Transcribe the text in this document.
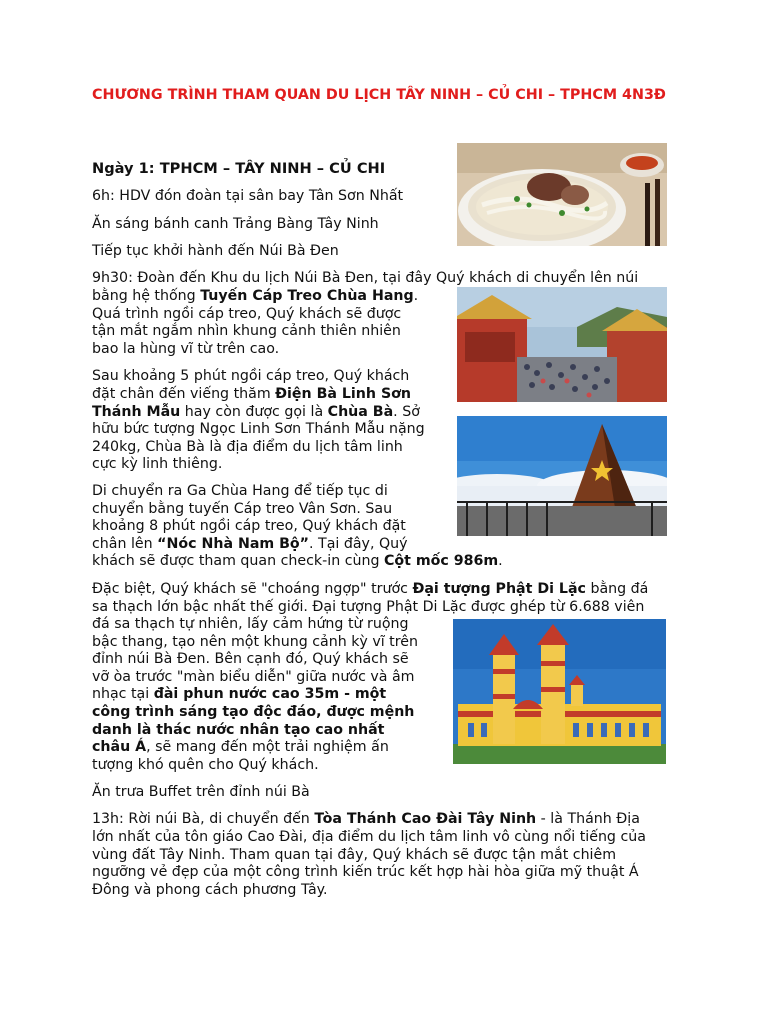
CHƯƠNG TRÌNH THAM QUAN DU LỊCH TÂY NINH – CỦ CHI – TPHCM 4N3Đ
Ngày 1: TPHCM – TÂY NINH – CỦ CHI
6h: HDV đón đoàn tại sân bay Tân Sơn Nhất
Ăn sáng bánh canh Trảng Bàng Tây Ninh
Tiếp tục khởi hành đến Núi Bà Đen
9h30: Đoàn đến Khu du lịch Núi Bà Đen, tại đây Quý khách di chuyển lên núi
bằng hệ thống Tuyến Cáp Treo Chùa Hang.
Quá trình ngồi cáp treo, Quý khách sẽ được
tận mắt ngắm nhìn khung cảnh thiên nhiên
bao la hùng vĩ từ trên cao.
Sau khoảng 5 phút ngồi cáp treo, Quý khách
đặt chân đến viếng thăm Điện Bà Linh Sơn
Thánh Mẫu hay còn được gọi là Chùa Bà. Sở
hữu bức tượng Ngọc Linh Sơn Thánh Mẫu nặng
240kg, Chùa Bà là địa điểm du lịch tâm linh
cực kỳ linh thiêng.
Di chuyển ra Ga Chùa Hang để tiếp tục di
chuyển bằng tuyến Cáp treo Vân Sơn. Sau
khoảng 8 phút ngồi cáp treo, Quý khách đặt
chân lên “Nóc Nhà Nam Bộ”. Tại đây, Quý
khách sẽ được tham quan check-in cùng Cột mốc 986m.
Đặc biệt, Quý khách sẽ "choáng ngợp" trước Đại tượng Phật Di Lặc bằng đá
sa thạch lớn bậc nhất thế giới. Đại tượng Phật Di Lặc được ghép từ 6.688 viên
đá sa thạch tự nhiên, lấy cảm hứng từ ruộng
bậc thang, tạo nên một khung cảnh kỳ vĩ trên
đỉnh núi Bà Đen. Bên cạnh đó, Quý khách sẽ
vỡ òa trước "màn biểu diễn" giữa nước và âm
nhạc tại đài phun nước cao 35m - một
công trình sáng tạo độc đáo, được mệnh
danh là thác nước nhân tạo cao nhất
châu Á, sẽ mang đến một trải nghiệm ấn
tượng khó quên cho Quý khách.
Ăn trưa Buffet trên đỉnh núi Bà
13h: Rời núi Bà, di chuyển đến Tòa Thánh Cao Đài Tây Ninh - là Thánh Địa
lớn nhất của tôn giáo Cao Đài, địa điểm du lịch tâm linh vô cùng nổi tiếng của
vùng đất Tây Ninh. Tham quan tại đây, Quý khách sẽ được tận mắt chiêm
ngưỡng vẻ đẹp của một công trình kiến trúc kết hợp hài hòa giữa mỹ thuật Á
Đông và phong cách phương Tây.
